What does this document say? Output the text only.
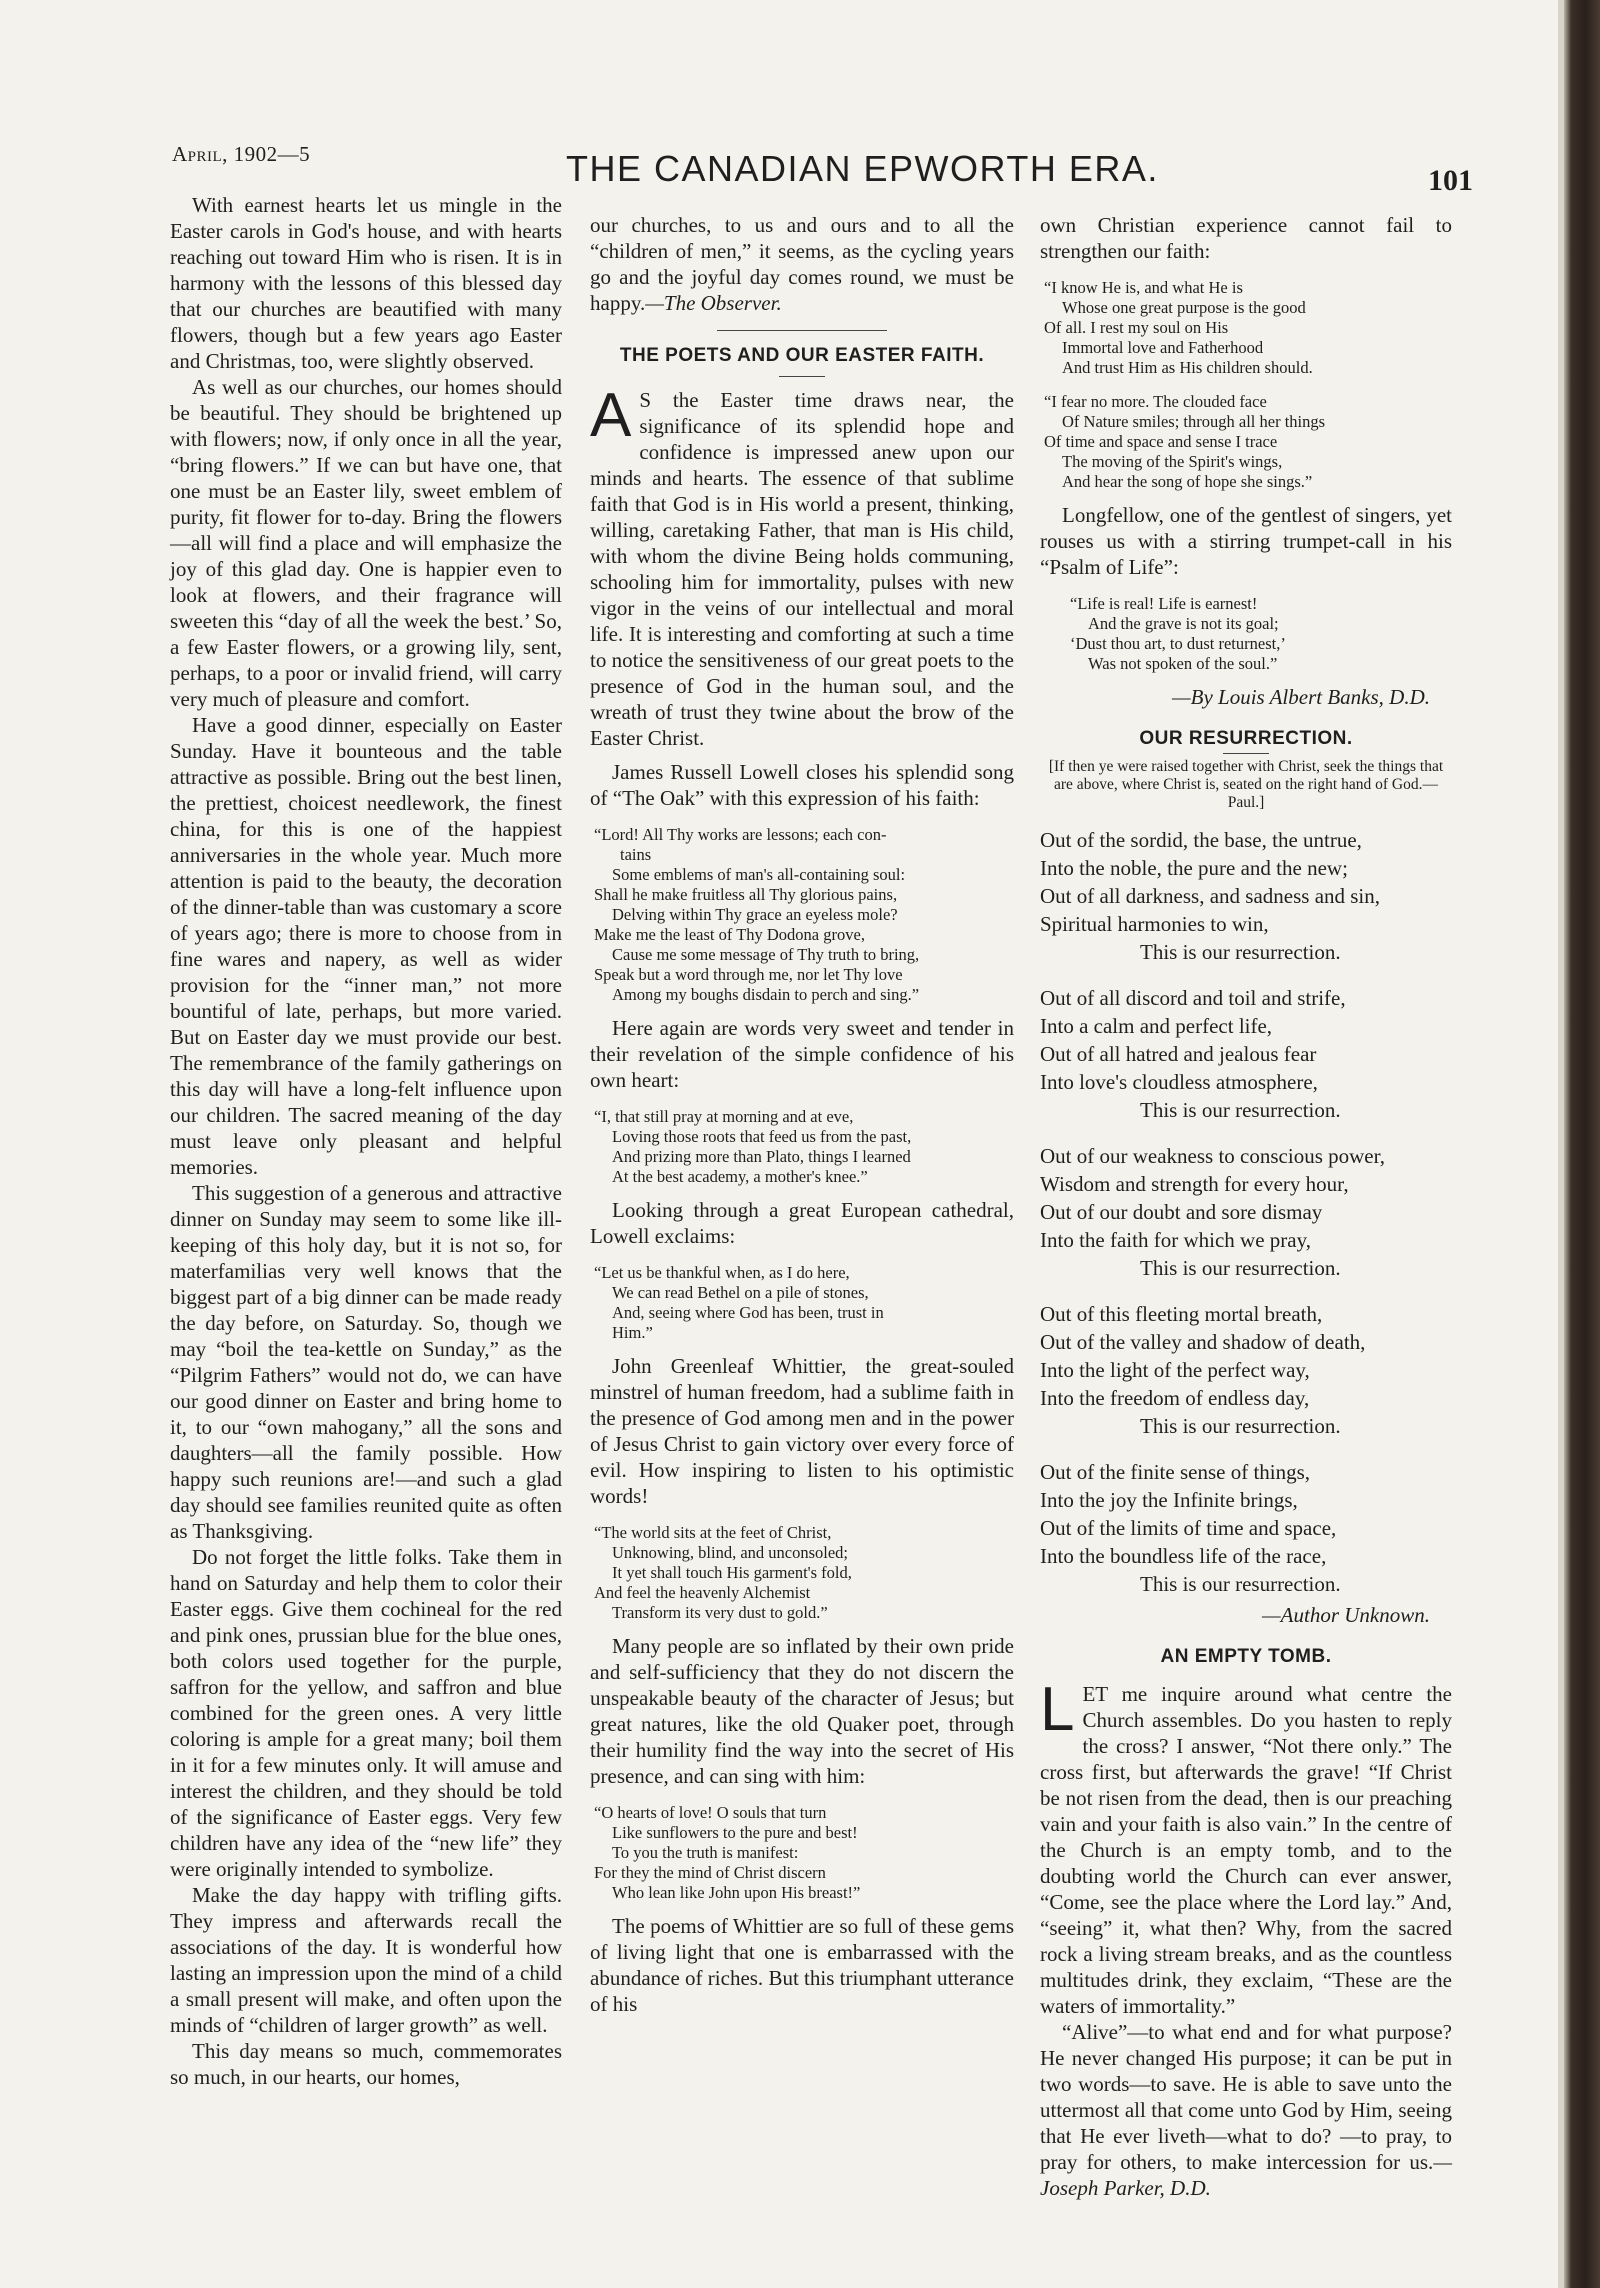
April, 1902—5	THE CANADIAN EPWORTH ERA.	101

With earnest hearts let us mingle in the Easter carols in God's house, and with hearts reaching out toward Him who is risen. It is in harmony with the lessons of this blessed day that our churches are beautified with many flowers, though but a few years ago Easter and Christmas, too, were slightly observed.

As well as our churches, our homes should be beautiful. They should be brightened up with flowers; now, if only once in all the year, “bring flowers.” If we can but have one, that one must be an Easter lily, sweet emblem of purity, fit flower for to-day. Bring the flowers—all will find a place and will emphasize the joy of this glad day. One is happier even to look at flowers, and their fragrance will sweeten this “day of all the week the best.’ So, a few Easter flowers, or a growing lily, sent, perhaps, to a poor or invalid friend, will carry very much of pleasure and comfort.

Have a good dinner, especially on Easter Sunday. Have it bounteous and the table attractive as possible. Bring out the best linen, the prettiest, choicest needlework, the finest china, for this is one of the happiest anniversaries in the whole year. Much more attention is paid to the beauty, the decoration of the dinner-table than was customary a score of years ago; there is more to choose from in fine wares and napery, as well as wider provision for the “inner man,” not more bountiful of late, perhaps, but more varied. But on Easter day we must provide our best. The remembrance of the family gatherings on this day will have a long-felt influence upon our children. The sacred meaning of the day must leave only pleasant and helpful memories.

This suggestion of a generous and attractive dinner on Sunday may seem to some like ill-keeping of this holy day, but it is not so, for materfamilias very well knows that the biggest part of a big dinner can be made ready the day before, on Saturday. So, though we may “boil the tea-kettle on Sunday,” as the “Pilgrim Fathers” would not do, we can have our good dinner on Easter and bring home to it, to our “own mahogany,” all the sons and daughters—all the family possible. How happy such reunions are!—and such a glad day should see families reunited quite as often as Thanksgiving.

Do not forget the little folks. Take them in hand on Saturday and help them to color their Easter eggs. Give them cochineal for the red and pink ones, prussian blue for the blue ones, both colors used together for the purple, saffron for the yellow, and saffron and blue combined for the green ones. A very little coloring is ample for a great many; boil them in it for a few minutes only. It will amuse and interest the children, and they should be told of the significance of Easter eggs. Very few children have any idea of the “new life” they were originally intended to symbolize.

Make the day happy with trifling gifts. They impress and afterwards recall the associations of the day. It is wonderful how lasting an impression upon the mind of a child a small present will make, and often upon the minds of “children of larger growth” as well.

This day means so much, commemorates so much, in our hearts, our homes,

our churches, to us and ours and to all the “children of men,” it seems, as the cycling years go and the joyful day comes round, we must be happy.—The Observer.

THE POETS AND OUR EASTER FAITH.
A S the Easter time draws near, the significance of its splendid hope and confidence is impressed anew upon our minds and hearts. The essence of that sublime faith that God is in His world a present, thinking, willing, caretaking Father, that man is His child, with whom the divine Being holds communing, schooling him for immortality, pulses with new vigor in the veins of our intellectual and moral life. It is interesting and comforting at such a time to notice the sensitiveness of our great poets to the presence of God in the human soul, and the wreath of trust they twine about the brow of the Easter Christ.

James Russell Lowell closes his splendid song of “The Oak” with this expression of his faith:

“Lord! All Thy works are lessons; each con-
tains
Some emblems of man's all-containing soul:
Shall he make fruitless all Thy glorious pains,
Delving within Thy grace an eyeless mole?
Make me the least of Thy Dodona grove,
Cause me some message of Thy truth to bring,
Speak but a word through me, nor let Thy love
Among my boughs disdain to perch and sing.”

Here again are words very sweet and tender in their revelation of the simple confidence of his own heart:

“I, that still pray at morning and at eve,
Loving those roots that feed us from the past,
And prizing more than Plato, things I learned
At the best academy, a mother's knee.”

Looking through a great European cathedral, Lowell exclaims:

“Let us be thankful when, as I do here,
We can read Bethel on a pile of stones,
And, seeing where God has been, trust in
Him.”

John Greenleaf Whittier, the great-souled minstrel of human freedom, had a sublime faith in the presence of God among men and in the power of Jesus Christ to gain victory over every force of evil. How inspiring to listen to his optimistic words!

“The world sits at the feet of Christ,
Unknowing, blind, and unconsoled;
It yet shall touch His garment's fold,
And feel the heavenly Alchemist
Transform its very dust to gold.”

Many people are so inflated by their own pride and self-sufficiency that they do not discern the unspeakable beauty of the character of Jesus; but great natures, like the old Quaker poet, through their humility find the way into the secret of His presence, and can sing with him:

“O hearts of love! O souls that turn
Like sunflowers to the pure and best!
To you the truth is manifest:
For they the mind of Christ discern
Who lean like John upon His breast!”

The poems of Whittier are so full of these gems of living light that one is embarrassed with the abundance of riches. But this triumphant utterance of his

own Christian experience cannot fail to strengthen our faith:

“I know He is, and what He is
Whose one great purpose is the good
Of all. I rest my soul on His
Immortal love and Fatherhood
And trust Him as His children should.
“I fear no more. The clouded face
Of Nature smiles; through all her things
Of time and space and sense I trace
The moving of the Spirit's wings,
And hear the song of hope she sings.”

Longfellow, one of the gentlest of singers, yet rouses us with a stirring trumpet-call in his “Psalm of Life”:

“Life is real! Life is earnest!
And the grave is not its goal;
‘Dust thou art, to dust returnest,’
Was not spoken of the soul.”
—By Louis Albert Banks, D.D.
OUR RESURRECTION.
[If then ye were raised together with Christ, seek the things that are above, where Christ is, seated on the right hand of God.—Paul.]
Out of the sordid, the base, the untrue,
Into the noble, the pure and the new;
Out of all darkness, and sadness and sin,
Spiritual harmonies to win,
This is our resurrection.
Out of all discord and toil and strife,
Into a calm and perfect life,
Out of all hatred and jealous fear
Into love's cloudless atmosphere,
This is our resurrection.
Out of our weakness to conscious power,
Wisdom and strength for every hour,
Out of our doubt and sore dismay
Into the faith for which we pray,
This is our resurrection.
Out of this fleeting mortal breath,
Out of the valley and shadow of death,
Into the light of the perfect way,
Into the freedom of endless day,
This is our resurrection.
Out of the finite sense of things,
Into the joy the Infinite brings,
Out of the limits of time and space,
Into the boundless life of the race,
This is our resurrection.
—Author Unknown.
AN EMPTY TOMB.
L ET me inquire around what centre the Church assembles. Do you hasten to reply the cross? I answer, “Not there only.” The cross first, but afterwards the grave! “If Christ be not risen from the dead, then is our preaching vain and your faith is also vain.” In the centre of the Church is an empty tomb, and to the doubting world the Church can ever answer, “Come, see the place where the Lord lay.” And, “seeing” it, what then? Why, from the sacred rock a living stream breaks, and as the countless multitudes drink, they exclaim, “These are the waters of immortality.”

“Alive”—to what end and for what purpose? He never changed His purpose; it can be put in two words—to save. He is able to save unto the uttermost all that come unto God by Him, seeing that He ever liveth—what to do? —to pray, to pray for others, to make intercession for us.—Joseph Parker, D.D.
